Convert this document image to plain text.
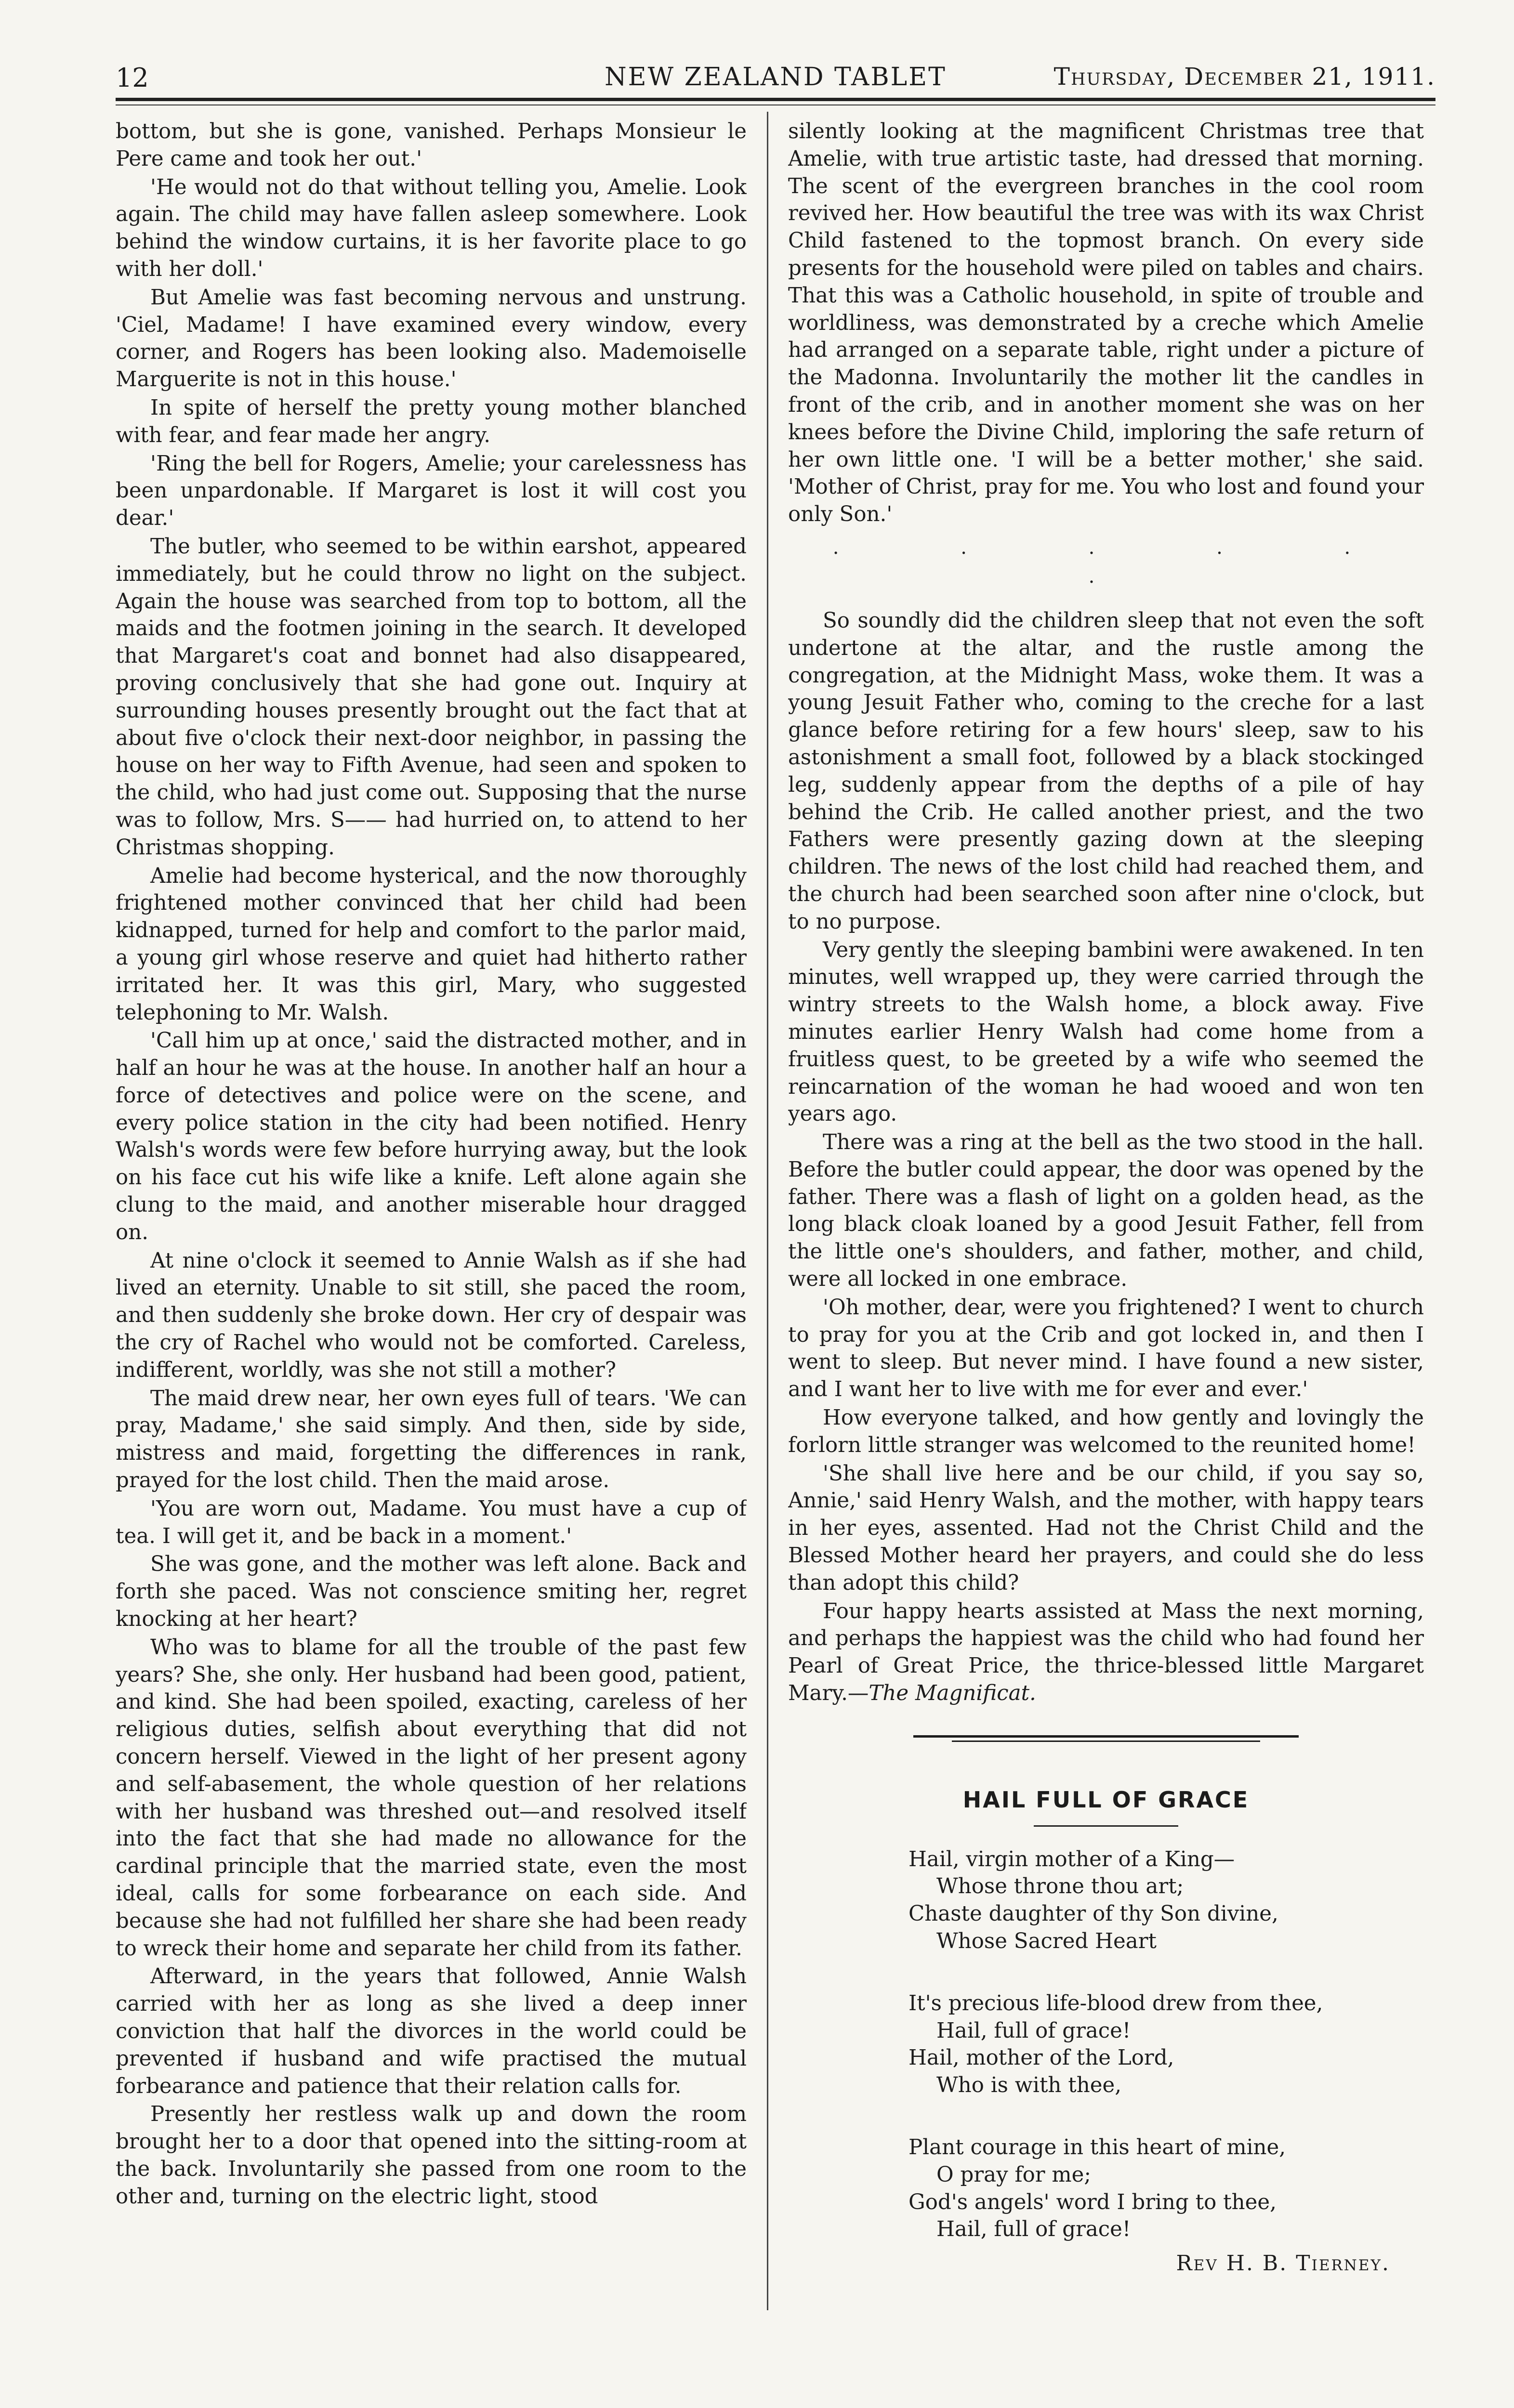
12	NEW ZEALAND TABLET	Thursday, December 21, 1911.

bottom, but she is gone, vanished. Perhaps Monsieur le Pere came and took her out.'

'He would not do that without telling you, Amelie. Look again. The child may have fallen asleep somewhere. Look behind the window curtains, it is her favorite place to go with her doll.'

But Amelie was fast becoming nervous and unstrung. 'Ciel, Madame! I have examined every window, every corner, and Rogers has been looking also. Mademoiselle Marguerite is not in this house.'

In spite of herself the pretty young mother blanched with fear, and fear made her angry.

'Ring the bell for Rogers, Amelie; your carelessness has been unpardonable. If Margaret is lost it will cost you dear.'

The butler, who seemed to be within earshot, appeared immediately, but he could throw no light on the subject. Again the house was searched from top to bottom, all the maids and the footmen joining in the search. It developed that Margaret's coat and bonnet had also disappeared, proving conclusively that she had gone out. Inquiry at surrounding houses presently brought out the fact that at about five o'clock their next-door neighbor, in passing the house on her way to Fifth Avenue, had seen and spoken to the child, who had just come out. Supposing that the nurse was to follow, Mrs. S—— had hurried on, to attend to her Christmas shopping.

Amelie had become hysterical, and the now thoroughly frightened mother convinced that her child had been kidnapped, turned for help and comfort to the parlor maid, a young girl whose reserve and quiet had hitherto rather irritated her. It was this girl, Mary, who suggested telephoning to Mr. Walsh.

'Call him up at once,' said the distracted mother, and in half an hour he was at the house. In another half an hour a force of detectives and police were on the scene, and every police station in the city had been notified. Henry Walsh's words were few before hurrying away, but the look on his face cut his wife like a knife. Left alone again she clung to the maid, and another miserable hour dragged on.

At nine o'clock it seemed to Annie Walsh as if she had lived an eternity. Unable to sit still, she paced the room, and then suddenly she broke down. Her cry of despair was the cry of Rachel who would not be comforted. Careless, indifferent, worldly, was she not still a mother?

The maid drew near, her own eyes full of tears. 'We can pray, Madame,' she said simply. And then, side by side, mistress and maid, forgetting the differences in rank, prayed for the lost child. Then the maid arose.

'You are worn out, Madame. You must have a cup of tea. I will get it, and be back in a moment.'

She was gone, and the mother was left alone. Back and forth she paced. Was not conscience smiting her, regret knocking at her heart?

Who was to blame for all the trouble of the past few years? She, she only. Her husband had been good, patient, and kind. She had been spoiled, exacting, careless of her religious duties, selfish about everything that did not concern herself. Viewed in the light of her present agony and self-abasement, the whole question of her relations with her husband was threshed out—and resolved itself into the fact that she had made no allowance for the cardinal principle that the married state, even the most ideal, calls for some forbearance on each side. And because she had not fulfilled her share she had been ready to wreck their home and separate her child from its father.

Afterward, in the years that followed, Annie Walsh carried with her as long as she lived a deep inner conviction that half the divorces in the world could be prevented if husband and wife practised the mutual forbearance and patience that their relation calls for.

Presently her restless walk up and down the room brought her to a door that opened into the sitting-room at the back. Involuntarily she passed from one room to the other and, turning on the electric light, stood

silently looking at the magnificent Christmas tree that Amelie, with true artistic taste, had dressed that morning. The scent of the evergreen branches in the cool room revived her. How beautiful the tree was with its wax Christ Child fastened to the topmost branch. On every side presents for the household were piled on tables and chairs. That this was a Catholic household, in spite of trouble and worldliness, was demonstrated by a creche which Amelie had arranged on a separate table, right under a picture of the Madonna. Involuntarily the mother lit the candles in front of the crib, and in another moment she was on her knees before the Divine Child, imploring the safe return of her own little one. 'I will be a better mother,' she said. 'Mother of Christ, pray for me. You who lost and found your only Son.'

. . . . . .

So soundly did the children sleep that not even the soft undertone at the altar, and the rustle among the congregation, at the Midnight Mass, woke them. It was a young Jesuit Father who, coming to the creche for a last glance before retiring for a few hours' sleep, saw to his astonishment a small foot, followed by a black stockinged leg, suddenly appear from the depths of a pile of hay behind the Crib. He called another priest, and the two Fathers were presently gazing down at the sleeping children. The news of the lost child had reached them, and the church had been searched soon after nine o'clock, but to no purpose.

Very gently the sleeping bambini were awakened. In ten minutes, well wrapped up, they were carried through the wintry streets to the Walsh home, a block away. Five minutes earlier Henry Walsh had come home from a fruitless quest, to be greeted by a wife who seemed the reincarnation of the woman he had wooed and won ten years ago.

There was a ring at the bell as the two stood in the hall. Before the butler could appear, the door was opened by the father. There was a flash of light on a golden head, as the long black cloak loaned by a good Jesuit Father, fell from the little one's shoulders, and father, mother, and child, were all locked in one embrace.

'Oh mother, dear, were you frightened? I went to church to pray for you at the Crib and got locked in, and then I went to sleep. But never mind. I have found a new sister, and I want her to live with me for ever and ever.'

How everyone talked, and how gently and lovingly the forlorn little stranger was welcomed to the reunited home!

'She shall live here and be our child, if you say so, Annie,' said Henry Walsh, and the mother, with happy tears in her eyes, assented. Had not the Christ Child and the Blessed Mother heard her prayers, and could she do less than adopt this child?

Four happy hearts assisted at Mass the next morning, and perhaps the happiest was the child who had found her Pearl of Great Price, the thrice-blessed little Margaret Mary.—The Magnificat.

HAIL FULL OF GRACE
Hail, virgin mother of a King—
Whose throne thou art;
Chaste daughter of thy Son divine,
Whose Sacred Heart
It's precious life-blood drew from thee,
Hail, full of grace!
Hail, mother of the Lord,
Who is with thee,
Plant courage in this heart of mine,
O pray for me;
God's angels' word I bring to thee,
Hail, full of grace!
Rev H. B. Tierney.
